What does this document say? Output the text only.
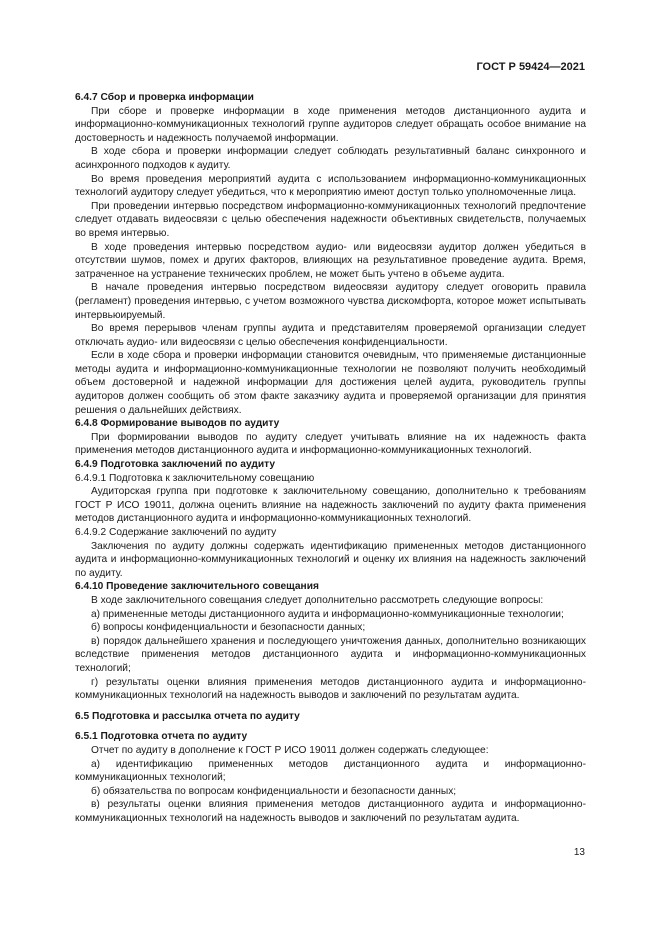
ГОСТ Р 59424—2021
6.4.7 Сбор и проверка информации
При сборе и проверке информации в ходе применения методов дистанционного аудита и информационно-коммуникационных технологий группе аудиторов следует обращать особое внимание на достоверность и надежность получаемой информации.
В ходе сбора и проверки информации следует соблюдать результативный баланс синхронного и асинхронного подходов к аудиту.
Во время проведения мероприятий аудита с использованием информационно-коммуникационных технологий аудитору следует убедиться, что к мероприятию имеют доступ только уполномоченные лица.
При проведении интервью посредством информационно-коммуникационных технологий предпочтение следует отдавать видеосвязи с целью обеспечения надежности объективных свидетельств, получаемых во время интервью.
В ходе проведения интервью посредством аудио- или видеосвязи аудитор должен убедиться в отсутствии шумов, помех и других факторов, влияющих на результативное проведение аудита. Время, затраченное на устранение технических проблем, не может быть учтено в объеме аудита.
В начале проведения интервью посредством видеосвязи аудитору следует оговорить правила (регламент) проведения интервью, с учетом возможного чувства дискомфорта, которое может испытывать интервьюируемый.
Во время перерывов членам группы аудита и представителям проверяемой организации следует отключать аудио- или видеосвязи с целью обеспечения конфиденциальности.
Если в ходе сбора и проверки информации становится очевидным, что применяемые дистанционные методы аудита и информационно-коммуникационные технологии не позволяют получить необходимый объем достоверной и надежной информации для достижения целей аудита, руководитель группы аудиторов должен сообщить об этом факте заказчику аудита и проверяемой организации для принятия решения о дальнейших действиях.
6.4.8 Формирование выводов по аудиту
При формировании выводов по аудиту следует учитывать влияние на их надежность факта применения методов дистанционного аудита и информационно-коммуникационных технологий.
6.4.9 Подготовка заключений по аудиту
6.4.9.1 Подготовка к заключительному совещанию
Аудиторская группа при подготовке к заключительному совещанию, дополнительно к требованиям ГОСТ Р ИСО 19011, должна оценить влияние на надежность заключений по аудиту факта применения методов дистанционного аудита и информационно-коммуникационных технологий.
6.4.9.2 Содержание заключений по аудиту
Заключения по аудиту должны содержать идентификацию примененных методов дистанционного аудита и информационно-коммуникационных технологий и оценку их влияния на надежность заключений по аудиту.
6.4.10 Проведение заключительного совещания
В ходе заключительного совещания следует дополнительно рассмотреть следующие вопросы:
а) примененные методы дистанционного аудита и информационно-коммуникационные технологии;
б) вопросы конфиденциальности и безопасности данных;
в) порядок дальнейшего хранения и последующего уничтожения данных, дополнительно возникающих вследствие применения методов дистанционного аудита и информационно-коммуникационных технологий;
г) результаты оценки влияния применения методов дистанционного аудита и информационно-коммуникационных технологий на надежность выводов и заключений по результатам аудита.
6.5 Подготовка и рассылка отчета по аудиту
6.5.1 Подготовка отчета по аудиту
Отчет по аудиту в дополнение к ГОСТ Р ИСО 19011 должен содержать следующее:
а) идентификацию примененных методов дистанционного аудита и информационно-коммуникационных технологий;
б) обязательства по вопросам конфиденциальности и безопасности данных;
в) результаты оценки влияния применения методов дистанционного аудита и информационно-коммуникационных технологий на надежность выводов и заключений по результатам аудита.
13
